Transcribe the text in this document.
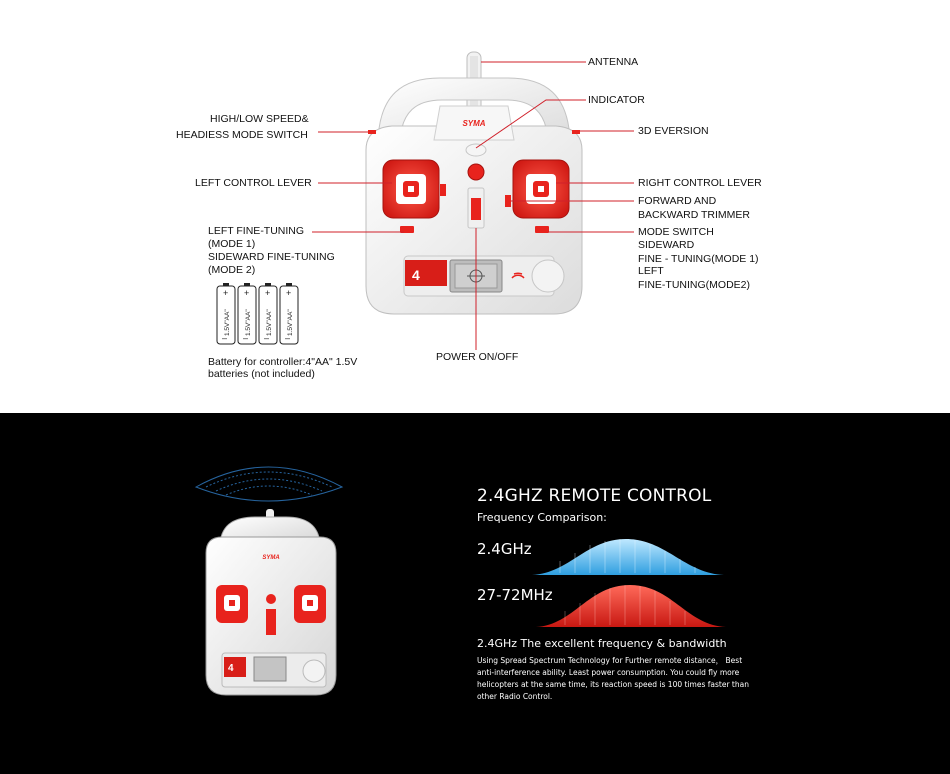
SYMA
4
+
1.5V"AA"
–
+
1.5V"AA"
–
+
1.5V"AA"
–
+
1.5V"AA"
–
ANTENNA
INDICATOR
HIGH/LOW SPEED&
HEADIESS MODE SWITCH	3D EVERSION
LEFT CONTROL LEVER	RIGHT CONTROL LEVER
FORWARD AND
BACKWARD TRIMMER
LEFT FINE-TUNING
(MODE 1)
SIDEWARD FINE-TUNING
(MODE 2)
MODE SWITCH
SIDEWARD
FINE - TUNING(MODE 1)
LEFT
FINE-TUNING(MODE2)
POWER ON/OFF
Battery for controller:4"AA" 1.5V
batteries (not included)
SYMA
4
2.4GHZ REMOTE CONTROL
Frequency Comparison:
2.4GHz
27-72MHz
2.4GHz The excellent frequency & bandwidth
Using Spread Spectrum Technology for Further remote distance， Best
anti-interference ability. Least power consumption. You could fly more
helicopters at the same time, its reaction speed is 100 times faster than
other Radio Control.
